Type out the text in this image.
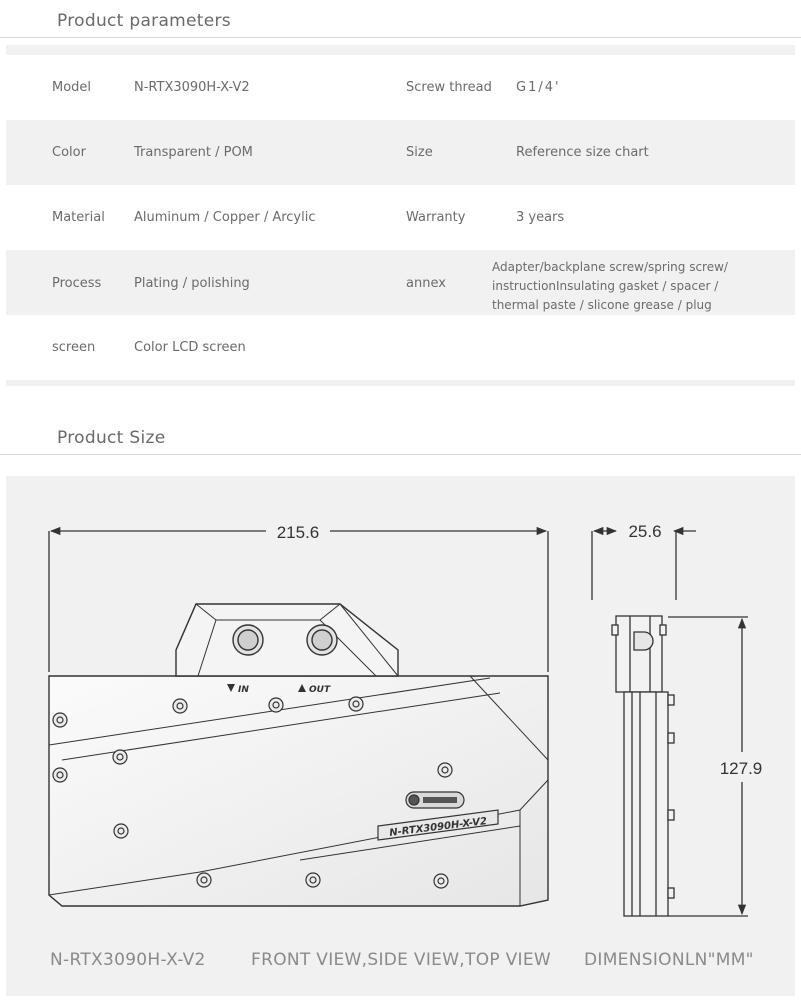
Product parameters
Model	N-RTX3090H-X-V2	Screw thread G1/4'
Color	Transparent / POM	Size	Reference size chart
Material Aluminum / Copper / Arcylic	Warranty	3 years
Process	Plating / polishing	annex
Adapter/backplane screw/spring screw/
instructionInsulating gasket / spacer /
thermal paste / slicone grease / plug
screen	Color LCD screen
Product Size
215.6
IN	OUT
N-RTX3090H-X-V2
25.6
127.9
N-RTX3090H-X-V2	FRONT VIEW,SIDE VIEW,TOP VIEW DIMENSIONLN"MM"
